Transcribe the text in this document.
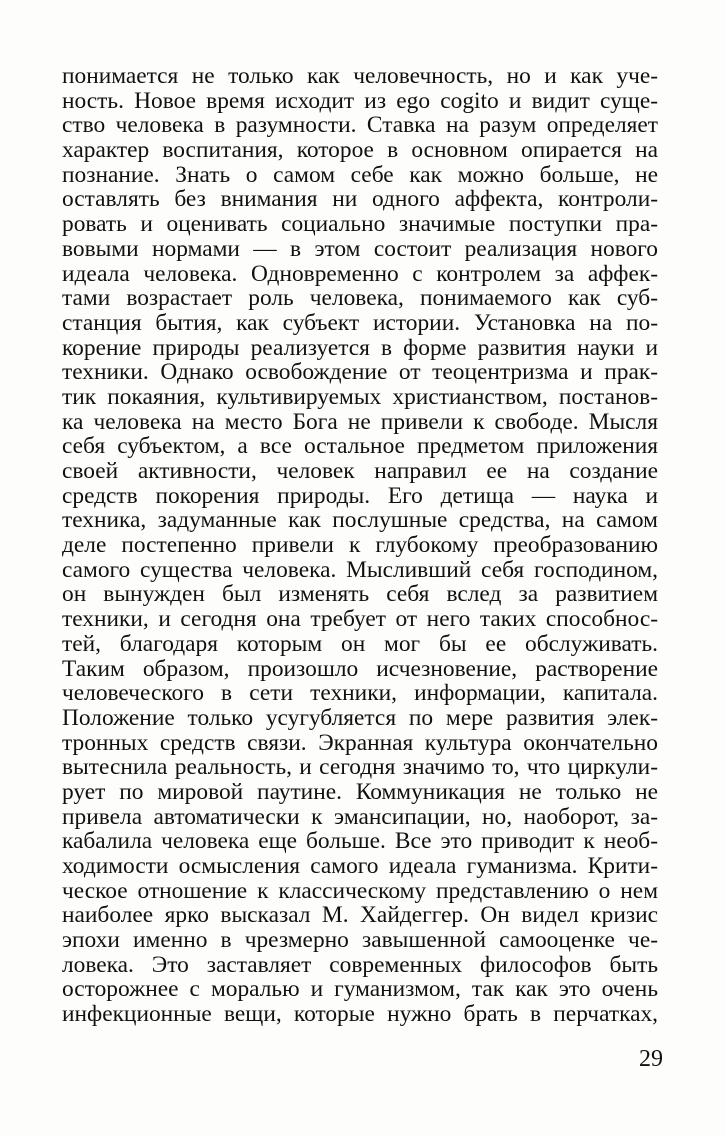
понимается не только как человечность, но и как уче-
ность. Новое время исходит из ego cogito и видит суще-
ство человека в разумности. Ставка на разум определяет
характер воспитания, которое в основном опирается на
познание. Знать о самом себе как можно больше, не
оставлять без внимания ни одного аффекта, контроли-
ровать и оценивать социально значимые поступки пра-
вовыми нормами — в этом состоит реализация нового
идеала человека. Одновременно с контролем за аффек-
тами возрастает роль человека, понимаемого как суб-
станция бытия, как субъект истории. Установка на по-
корение природы реализуется в форме развития науки и
техники. Однако освобождение от теоцентризма и прак-
тик покаяния, культивируемых христианством, постанов-
ка человека на место Бога не привели к свободе. Мысля
себя субъектом, а все остальное предметом приложения
своей активности, человек направил ее на создание
средств покорения природы. Его детища — наука и
техника, задуманные как послушные средства, на самом
деле постепенно привели к глубокому преобразованию
самого существа человека. Мысливший себя господином,
он вынужден был изменять себя вслед за развитием
техники, и сегодня она требует от него таких способнос-
тей, благодаря которым он мог бы ее обслуживать.
Таким образом, произошло исчезновение, растворение
человеческого в сети техники, информации, капитала.
Положение только усугубляется по мере развития элек-
тронных средств связи. Экранная культура окончательно
вытеснила реальность, и сегодня значимо то, что циркули-
рует по мировой паутине. Коммуникация не только не
привела автоматически к эмансипации, но, наоборот, за-
кабалила человека еще больше. Все это приводит к необ-
ходимости осмысления самого идеала гуманизма. Крити-
ческое отношение к классическому представлению о нем
наиболее ярко высказал М. Хайдеггер. Он видел кризис
эпохи именно в чрезмерно завышенной самооценке че-
ловека. Это заставляет современных философов быть
осторожнее с моралью и гуманизмом, так как это очень
инфекционные вещи, которые нужно брать в перчатках,
29
